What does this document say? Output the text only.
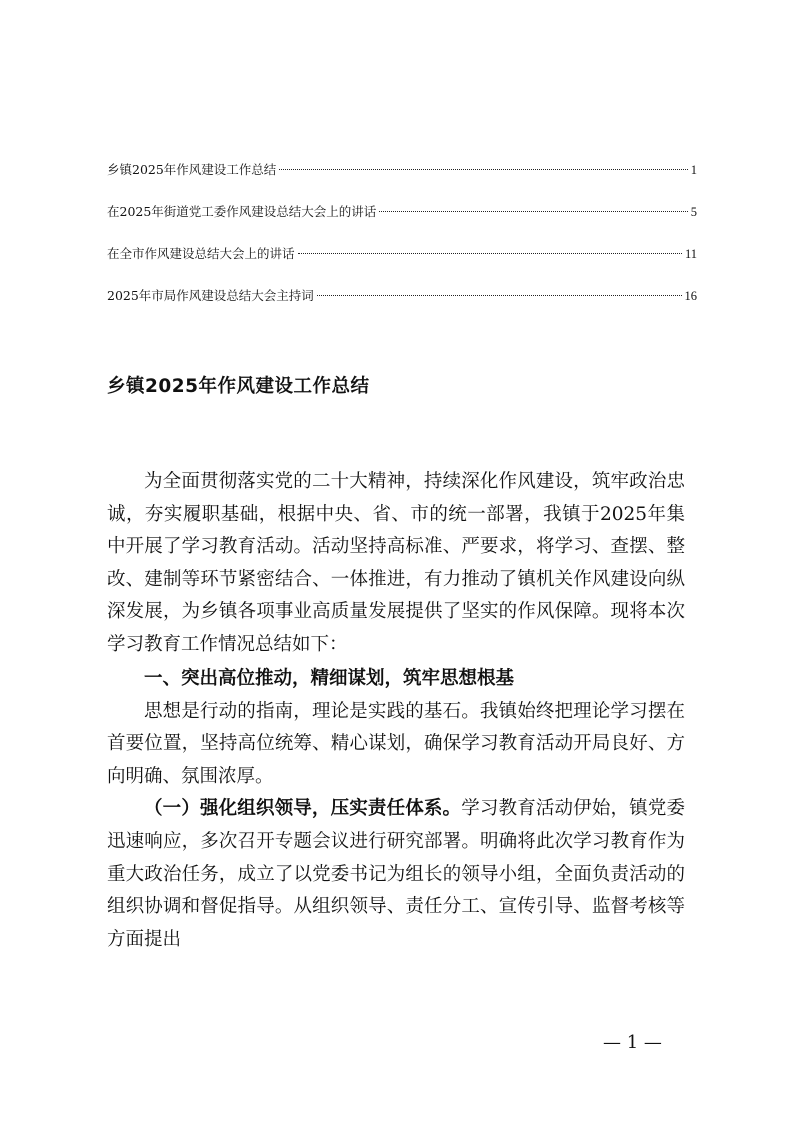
乡镇2025年作风建设工作总结	1
在2025年街道党工委作风建设总结大会上的讲话	5
在全市作风建设总结大会上的讲话	11
2025年市局作风建设总结大会主持词	16
乡镇2025年作风建设工作总结

为全面贯彻落实党的二十大精神，持续深化作风建设，筑牢政治忠诚，夯实履职基础，根据中央、省、市的统一部署，我镇于2025年集中开展了学习教育活动。活动坚持高标准、严要求，将学习、查摆、整改、建制等环节紧密结合、一体推进，有力推动了镇机关作风建设向纵深发展，为乡镇各项事业高质量发展提供了坚实的作风保障。现将本次学习教育工作情况总结如下：

一、突出高位推动，精细谋划，筑牢思想根基

思想是行动的指南，理论是实践的基石。我镇始终把理论学习摆在首要位置，坚持高位统筹、精心谋划，确保学习教育活动开局良好、方向明确、氛围浓厚。

（一）强化组织领导，压实责任体系。学习教育活动伊始，镇党委迅速响应，多次召开专题会议进行研究部署。明确将此次学习教育作为重大政治任务，成立了以党委书记为组长的领导小组，全面负责活动的组织协调和督促指导。从组织领导、责任分工、宣传引导、监督考核等方面提出

— 1 —
